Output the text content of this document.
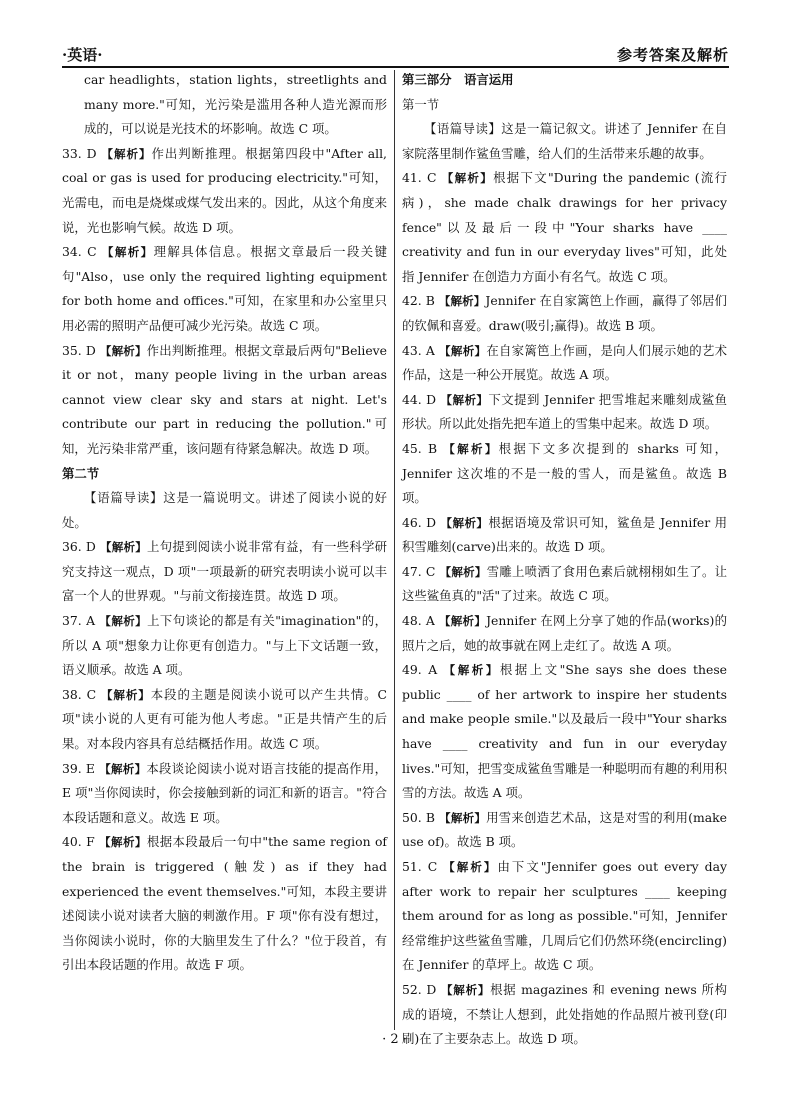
·英语·	参考答案及解析

car headlights，station lights，streetlights and many more."可知，光污染是滥用各种人造光源而形成的，可以说是光技术的坏影响。故选 C 项。

33. D 【解析】作出判断推理。根据第四段中"After all, coal or gas is used for producing electricity."可知，光需电，而电是烧煤或煤气发出来的。因此，从这个角度来说，光也影响气候。故选 D 项。

34. C 【解析】理解具体信息。根据文章最后一段关键句"Also，use only the required lighting equipment for both home and offices."可知，在家里和办公室里只用必需的照明产品便可减少光污染。故选 C 项。

35. D 【解析】作出判断推理。根据文章最后两句"Believe it or not，many people living in the urban areas cannot view clear sky and stars at night. Let's contribute our part in reducing the pollution."可知，光污染非常严重，该问题有待紧急解决。故选 D 项。

第二节

【语篇导读】这是一篇说明文。讲述了阅读小说的好处。

36. D 【解析】上句提到阅读小说非常有益，有一些科学研究支持这一观点，D 项"一项最新的研究表明读小说可以丰富一个人的世界观。"与前文衔接连贯。故选 D 项。

37. A 【解析】上下句谈论的都是有关"imagination"的，所以 A 项"想象力让你更有创造力。"与上下文话题一致，语义顺承。故选 A 项。

38. C 【解析】本段的主题是阅读小说可以产生共情。C 项"读小说的人更有可能为他人考虑。"正是共情产生的后果。对本段内容具有总结概括作用。故选 C 项。

39. E 【解析】本段谈论阅读小说对语言技能的提高作用，E 项"当你阅读时，你会接触到新的词汇和新的语言。"符合本段话题和意义。故选 E 项。

40. F 【解析】根据本段最后一句中"the same region of the brain is triggered (触发) as if they had experienced the event themselves."可知，本段主要讲述阅读小说对读者大脑的刺激作用。F 项"你有没有想过，当你阅读小说时，你的大脑里发生了什么？"位于段首，有引出本段话题的作用。故选 F 项。

第三部分　语言运用

第一节

【语篇导读】这是一篇记叙文。讲述了 Jennifer 在自家院落里制作鲨鱼雪雕，给人们的生活带来乐趣的故事。

41. C 【解析】根据下文"During the pandemic (流行病)，she made chalk drawings for her privacy fence"以及最后一段中"Your sharks have ____ creativity and fun in our everyday lives"可知，此处指 Jennifer 在创造力方面小有名气。故选 C 项。

42. B 【解析】Jennifer 在自家篱笆上作画，赢得了邻居们的钦佩和喜爱。draw(吸引;赢得)。故选 B 项。

43. A 【解析】在自家篱笆上作画，是向人们展示她的艺术作品，这是一种公开展览。故选 A 项。

44. D 【解析】下文提到 Jennifer 把雪堆起来雕刻成鲨鱼形状。所以此处指先把车道上的雪集中起来。故选 D 项。

45. B 【解析】根据下文多次提到的 sharks 可知，Jennifer 这次堆的不是一般的雪人，而是鲨鱼。故选 B 项。

46. D 【解析】根据语境及常识可知，鲨鱼是 Jennifer 用积雪雕刻(carve)出来的。故选 D 项。

47. C 【解析】雪雕上喷洒了食用色素后就栩栩如生了。让这些鲨鱼真的"活"了过来。故选 C 项。

48. A 【解析】Jennifer 在网上分享了她的作品(works)的照片之后，她的故事就在网上走红了。故选 A 项。

49. A 【解析】根据上文"She says she does these public ____ of her artwork to inspire her students and make people smile."以及最后一段中"Your sharks have ____ creativity and fun in our everyday lives."可知，把雪变成鲨鱼雪雕是一种聪明而有趣的利用积雪的方法。故选 A 项。

50. B 【解析】用雪来创造艺术品，这是对雪的利用(make use of)。故选 B 项。

51. C 【解析】由下文"Jennifer goes out every day after work to repair her sculptures ____ keeping them around for as long as possible."可知，Jennifer 经常维护这些鲨鱼雪雕，几周后它们仍然环绕(encircling)在 Jennifer 的草坪上。故选 C 项。

52. D 【解析】根据 magazines 和 evening news 所构成的语境，不禁让人想到，此处指她的作品照片被刊登(印刷)在了主要杂志上。故选 D 项。

· 2 ·
